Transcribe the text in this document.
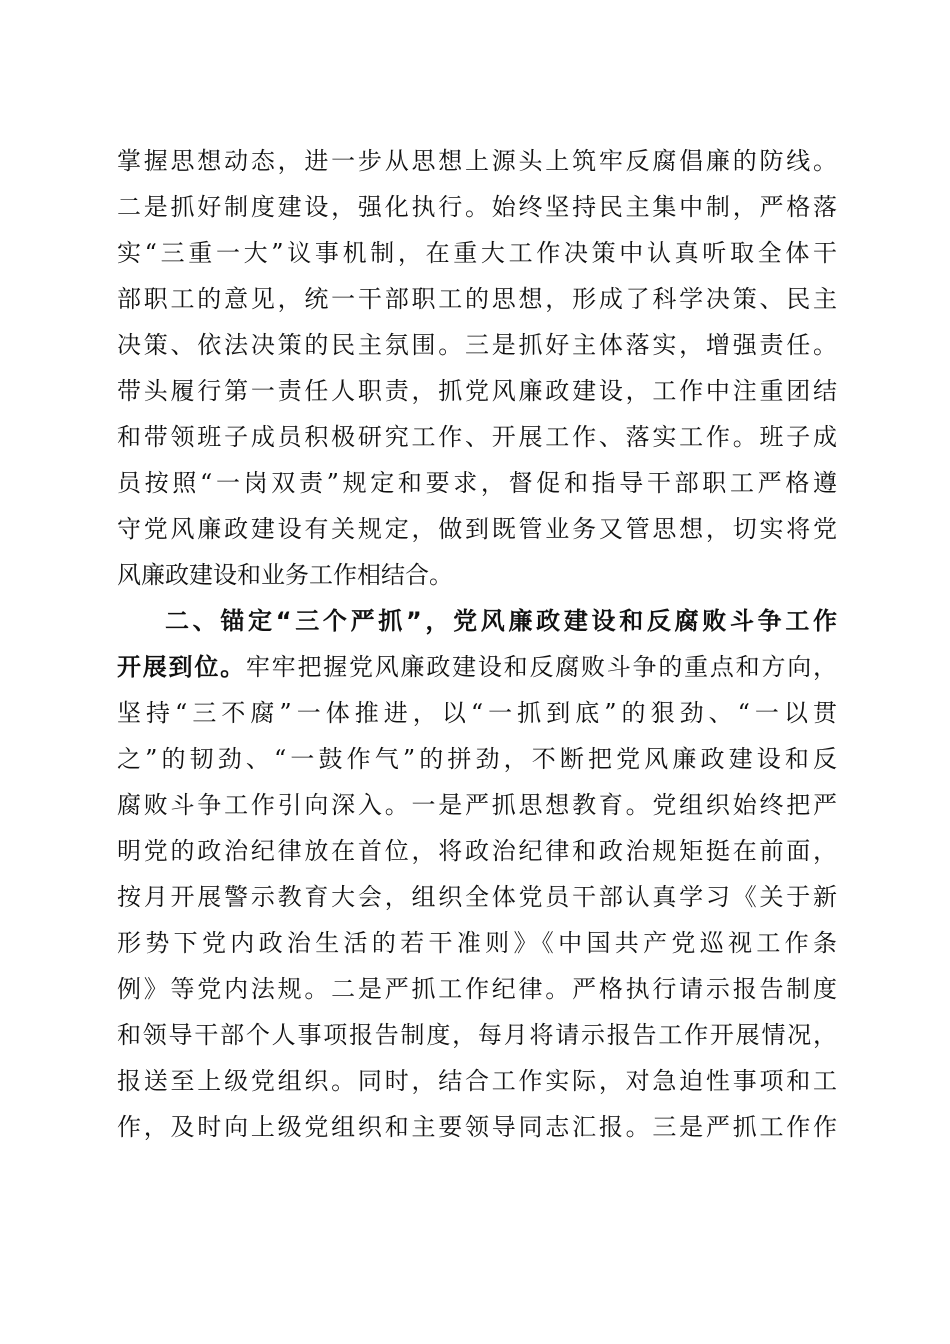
掌握思想动态，进一步从思想上源头上筑牢反腐倡廉的防线。
二是抓好制度建设，强化执行。始终坚持民主集中制，严格落
实“三重一大”议事机制，在重大工作决策中认真听取全体干
部职工的意见，统一干部职工的思想，形成了科学决策、民主
决策、依法决策的民主氛围。三是抓好主体落实，增强责任。
带头履行第一责任人职责，抓党风廉政建设，工作中注重团结
和带领班子成员积极研究工作、开展工作、落实工作。班子成
员按照“一岗双责”规定和要求，督促和指导干部职工严格遵
守党风廉政建设有关规定，做到既管业务又管思想，切实将党
风廉政建设和业务工作相结合。
二、锚定“三个严抓”，党风廉政建设和反腐败斗争工作
开展到位。牢牢把握党风廉政建设和反腐败斗争的重点和方向，
坚持“三不腐”一体推进，以“一抓到底”的狠劲、“一以贯
之”的韧劲、“一鼓作气”的拼劲，不断把党风廉政建设和反
腐败斗争工作引向深入。一是严抓思想教育。党组织始终把严
明党的政治纪律放在首位，将政治纪律和政治规矩挺在前面，
按月开展警示教育大会，组织全体党员干部认真学习《关于新
形势下党内政治生活的若干准则》《中国共产党巡视工作条
例》等党内法规。二是严抓工作纪律。严格执行请示报告制度
和领导干部个人事项报告制度，每月将请示报告工作开展情况，
报送至上级党组织。同时，结合工作实际，对急迫性事项和工
作，及时向上级党组织和主要领导同志汇报。三是严抓工作作
